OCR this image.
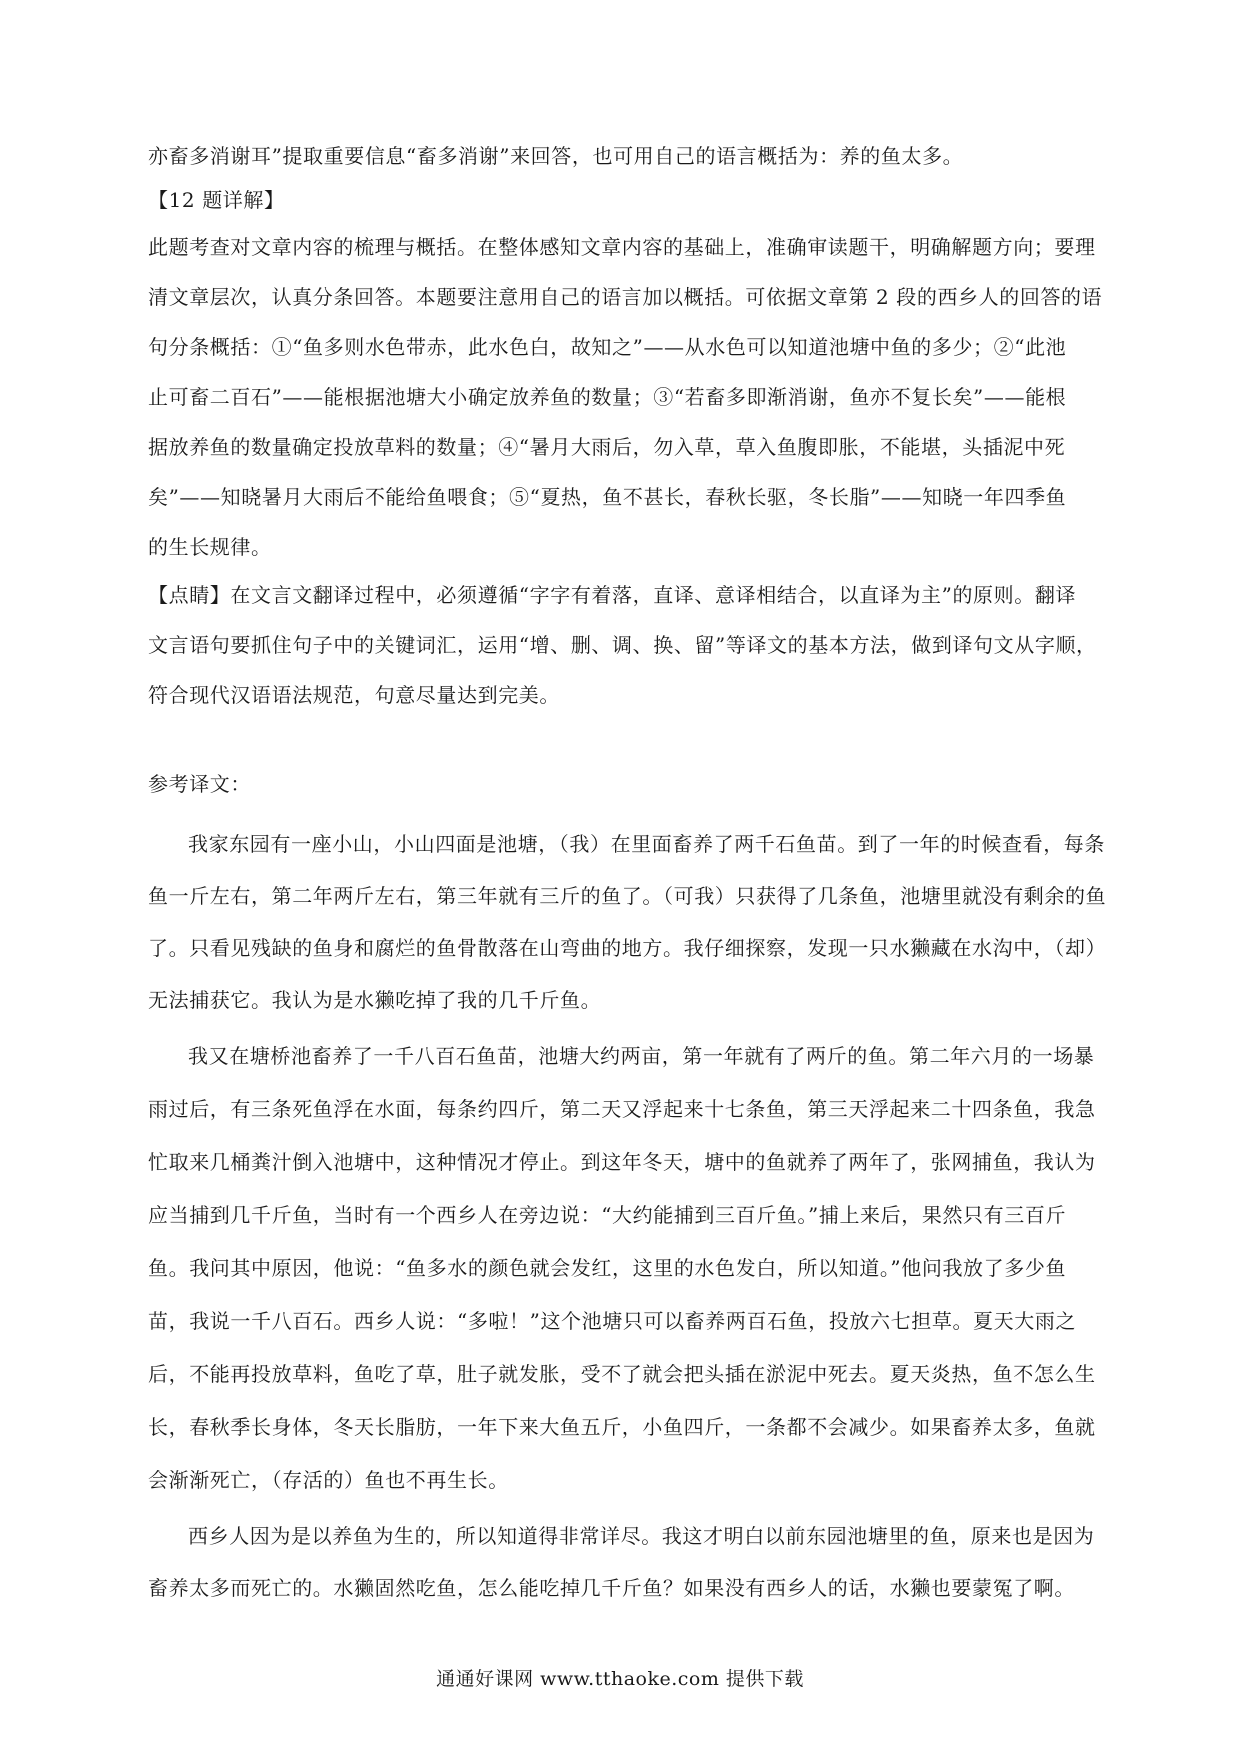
亦畜多消谢耳”提取重要信息“畜多消谢”来回答，也可用自己的语言概括为：养的鱼太多。
【12 题详解】
此题考查对文章内容的梳理与概括。在整体感知文章内容的基础上，准确审读题干，明确解题方向；要理
清文章层次，认真分条回答。本题要注意用自己的语言加以概括。可依据文章第 2 段的西乡人的回答的语
句分条概括：①“鱼多则水色带赤，此水色白，故知之”——从水色可以知道池塘中鱼的多少；②“此池
止可畜二百石”——能根据池塘大小确定放养鱼的数量；③“若畜多即渐消谢，鱼亦不复长矣”——能根
据放养鱼的数量确定投放草料的数量；④“暑月大雨后，勿入草，草入鱼腹即胀，不能堪，头插泥中死
矣”——知晓暑月大雨后不能给鱼喂食；⑤“夏热，鱼不甚长，春秋长驱，冬长脂”——知晓一年四季鱼
的生长规律。
【点睛】在文言文翻译过程中，必须遵循“字字有着落，直译、意译相结合，以直译为主”的原则。翻译
文言语句要抓住句子中的关键词汇，运用“增、删、调、换、留”等译文的基本方法，做到译句文从字顺，
符合现代汉语语法规范，句意尽量达到完美。
参考译文：
我家东园有一座小山，小山四面是池塘，（我）在里面畜养了两千石鱼苗。到了一年的时候查看，每条
鱼一斤左右，第二年两斤左右，第三年就有三斤的鱼了。（可我）只获得了几条鱼，池塘里就没有剩余的鱼
了。只看见残缺的鱼身和腐烂的鱼骨散落在山弯曲的地方。我仔细探察，发现一只水獭藏在水沟中，（却）
无法捕获它。我认为是水獭吃掉了我的几千斤鱼。
我又在塘桥池畜养了一千八百石鱼苗，池塘大约两亩，第一年就有了两斤的鱼。第二年六月的一场暴
雨过后，有三条死鱼浮在水面，每条约四斤，第二天又浮起来十七条鱼，第三天浮起来二十四条鱼，我急
忙取来几桶粪汁倒入池塘中，这种情况才停止。到这年冬天，塘中的鱼就养了两年了，张网捕鱼，我认为
应当捕到几千斤鱼，当时有一个西乡人在旁边说：“大约能捕到三百斤鱼。”捕上来后，果然只有三百斤
鱼。我问其中原因，他说：“鱼多水的颜色就会发红，这里的水色发白，所以知道。”他问我放了多少鱼
苗，我说一千八百石。西乡人说：“多啦！”这个池塘只可以畜养两百石鱼，投放六七担草。夏天大雨之
后，不能再投放草料，鱼吃了草，肚子就发胀，受不了就会把头插在淤泥中死去。夏天炎热，鱼不怎么生
长，春秋季长身体，冬天长脂肪，一年下来大鱼五斤，小鱼四斤，一条都不会减少。如果畜养太多，鱼就
会渐渐死亡，（存活的）鱼也不再生长。
西乡人因为是以养鱼为生的，所以知道得非常详尽。我这才明白以前东园池塘里的鱼，原来也是因为
畜养太多而死亡的。水獭固然吃鱼，怎么能吃掉几千斤鱼？如果没有西乡人的话，水獭也要蒙冤了啊。
通通好课网 www.tthaoke.com 提供下载
